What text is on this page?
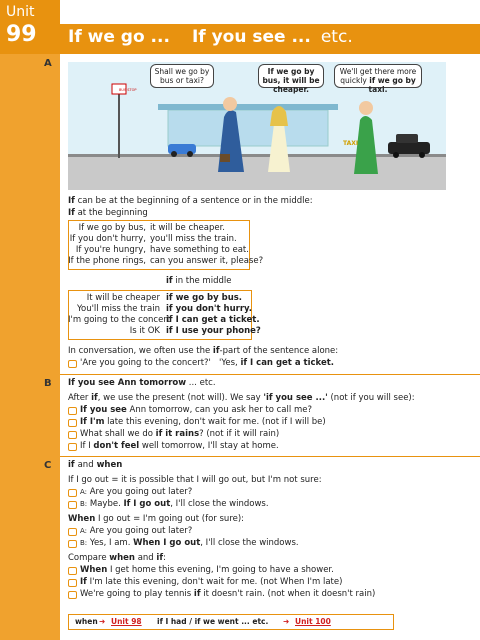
Unit
99 If we go ... If you see ... etc.
A
TAXI
BUS STOP
Shall we go by bus or taxi?
If we go by bus, it will be cheaper.
We'll get there more quickly if we go by taxi.
If can be at the beginning of a sentence or in the middle:
If at the beginning
If we go by bus, it will be cheaper.
If you don't hurry, you'll miss the train.
If you're hungry, have something to eat.
If the phone rings, can you answer it, please?
if in the middle
It will be cheaper if we go by bus.
You'll miss the train if you don't hurry.
I'm going to the concert
if I can get a ticket.
Is it OK if I use your phone?
In conversation, we often use the if-part of the sentence alone:
'Are you going to the concert?' 'Yes, if I can get a ticket.
B If you see Ann tomorrow ... etc.
After if, we use the present (not will). We say 'if you see ...' (not if you will see):
If you see Ann tomorrow, can you ask her to call me?
If I'm late this evening, don't wait for me. (not if I will be)
What shall we do if it rains? (not if it will rain)
If I don't feel well tomorrow, I'll stay at home.
C if and when
If I go out = it is possible that I will go out, but I'm not sure:
A: Are you going out later?
B: Maybe. If I go out, I'll close the windows.
When I go out = I'm going out (for sure):
A: Are you going out later?
B: Yes, I am. When I go out, I'll close the windows.
Compare when and if:
When I get home this evening, I'm going to have a shower.
If I'm late this evening, don't wait for me. (not When I'm late)
We're going to play tennis if it doesn't rain. (not when it doesn't rain)
when ➜ Unit 98 if I had / if we went ... etc. ➜ Unit 100
